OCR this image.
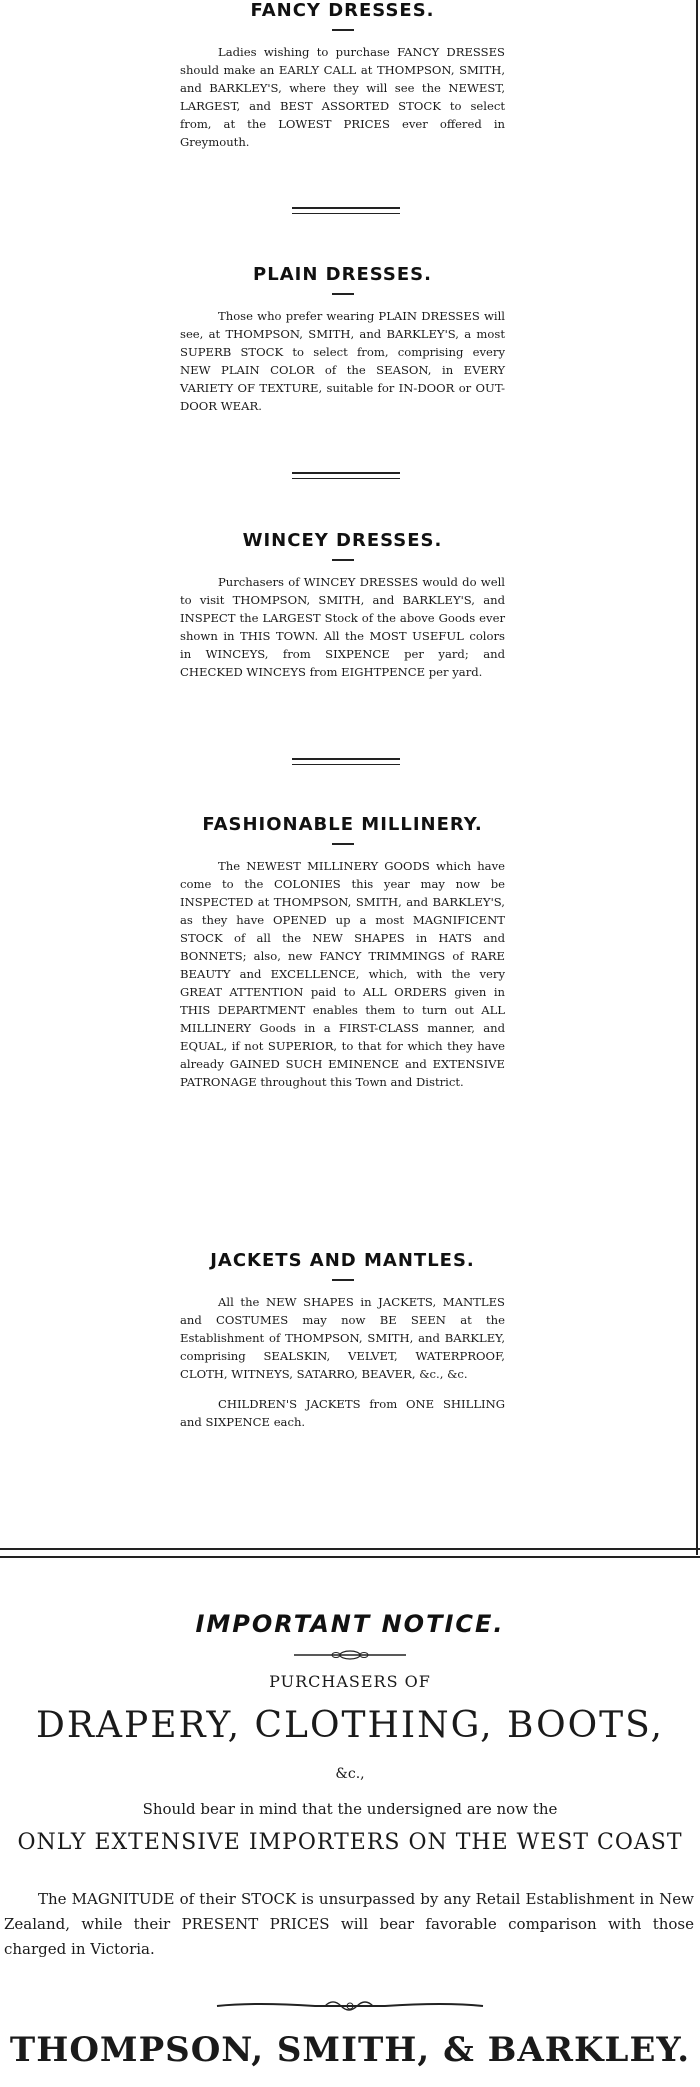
FANCY DRESSES.

Ladies wishing to purchase FANCY DRESSES should make an EARLY CALL at THOMPSON, SMITH, and BARKLEY'S, where they will see the NEWEST, LARGEST, and BEST ASSORTED STOCK to select from, at the LOWEST PRICES ever offered in Greymouth.

PLAIN DRESSES.

Those who prefer wearing PLAIN DRESSES will see, at THOMPSON, SMITH, and BARKLEY'S, a most SUPERB STOCK to select from, comprising every NEW PLAIN COLOR of the SEASON, in EVERY VARIETY OF TEXTURE, suitable for IN-DOOR or OUT-DOOR WEAR.

WINCEY DRESSES.

Purchasers of WINCEY DRESSES would do well to visit THOMPSON, SMITH, and BARKLEY'S, and INSPECT the LARGEST Stock of the above Goods ever shown in THIS TOWN. All the MOST USEFUL colors in WINCEYS, from SIXPENCE per yard; and CHECKED WINCEYS from EIGHTPENCE per yard.

FASHIONABLE MILLINERY.

The NEWEST MILLINERY GOODS which have come to the COLONIES this year may now be INSPECTED at THOMPSON, SMITH, and BARKLEY'S, as they have OPENED up a most MAGNIFICENT STOCK of all the NEW SHAPES in HATS and BONNETS; also, new FANCY TRIMMINGS of RARE BEAUTY and EXCELLENCE, which, with the very GREAT ATTENTION paid to ALL ORDERS given in THIS DEPARTMENT enables them to turn out ALL MILLINERY Goods in a FIRST-CLASS manner, and EQUAL, if not SUPERIOR, to that for which they have already GAINED SUCH EMINENCE and EXTENSIVE PATRONAGE throughout this Town and District.

JACKETS AND MANTLES.

All the NEW SHAPES in JACKETS, MANTLES and COSTUMES may now BE SEEN at the Establishment of THOMPSON, SMITH, and BARKLEY, comprising SEALSKIN, VELVET, WATERPROOF, CLOTH, WITNEYS, SATARRO, BEAVER, &c., &c.

CHILDREN'S JACKETS from ONE SHILLING and SIXPENCE each.

IMPORTANT NOTICE.
PURCHASERS OF
DRAPERY, CLOTHING, BOOTS,
&c.,
Should bear in mind that the undersigned are now the
ONLY EXTENSIVE IMPORTERS ON THE WEST COAST

The MAGNITUDE of their STOCK is unsurpassed by any Retail Establishment in New Zealand, while their PRESENT PRICES will bear favorable comparison with those charged in Victoria.

THOMPSON, SMITH, & BARKLEY.
